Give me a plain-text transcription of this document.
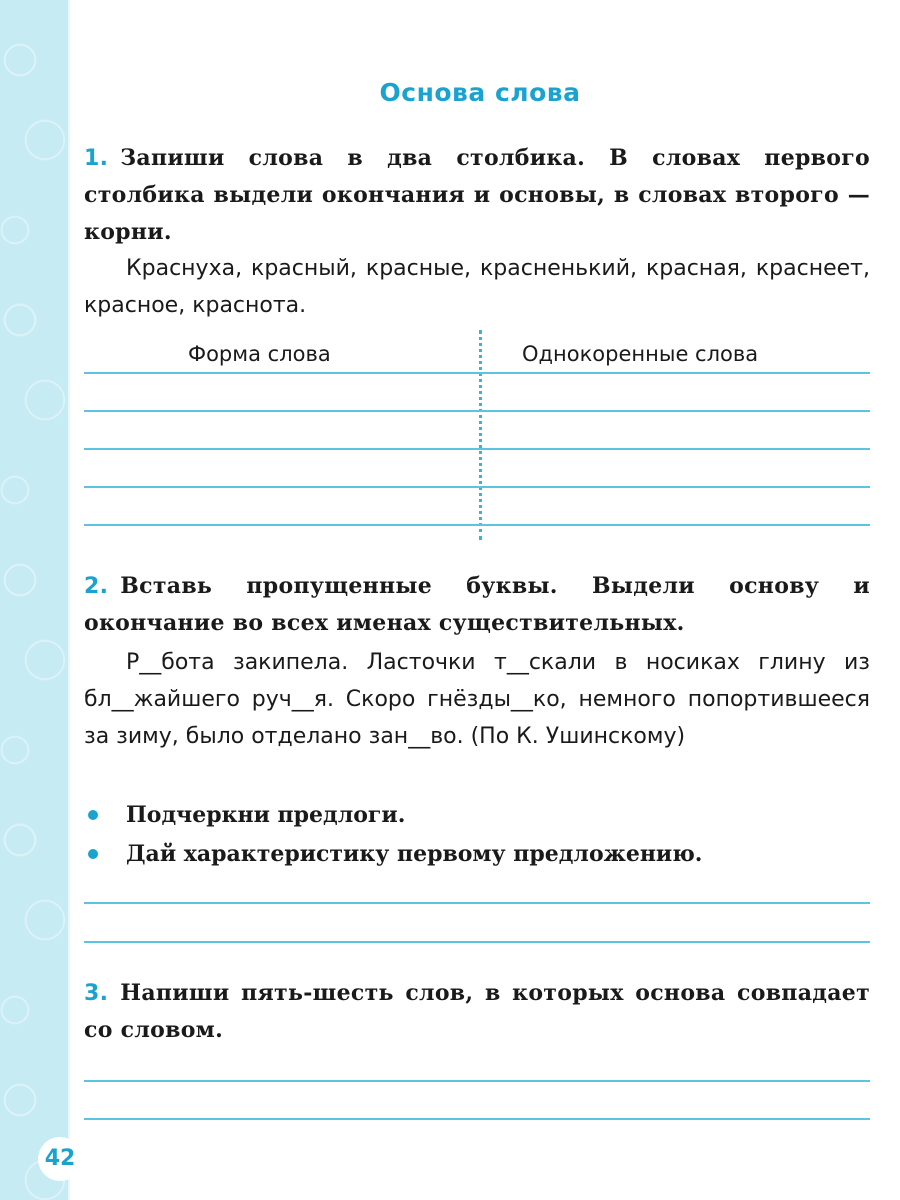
Основа слова
1. Запиши слова в два столбика. В словах первого столбика выдели окончания и основы, в словах второго — корни.
Краснуха, красный, красные, красненький, красная, краснеет, красное, краснота.
Форма слова	Однокоренные слова
2. Вставь пропущенные буквы. Выдели основу и окончание во всех именах существительных.
Р__бота закипела. Ласточки т__скали в носиках глину из бл__жайшего руч__я. Скоро гнёзды__ко, немного попортившееся за зиму, было отделано зан__во. (По К. Ушинскому)
Подчеркни предлоги.
Дай характеристику первому предложению.
3. Напиши пять-шесть слов, в которых основа совпадает со словом.
42
